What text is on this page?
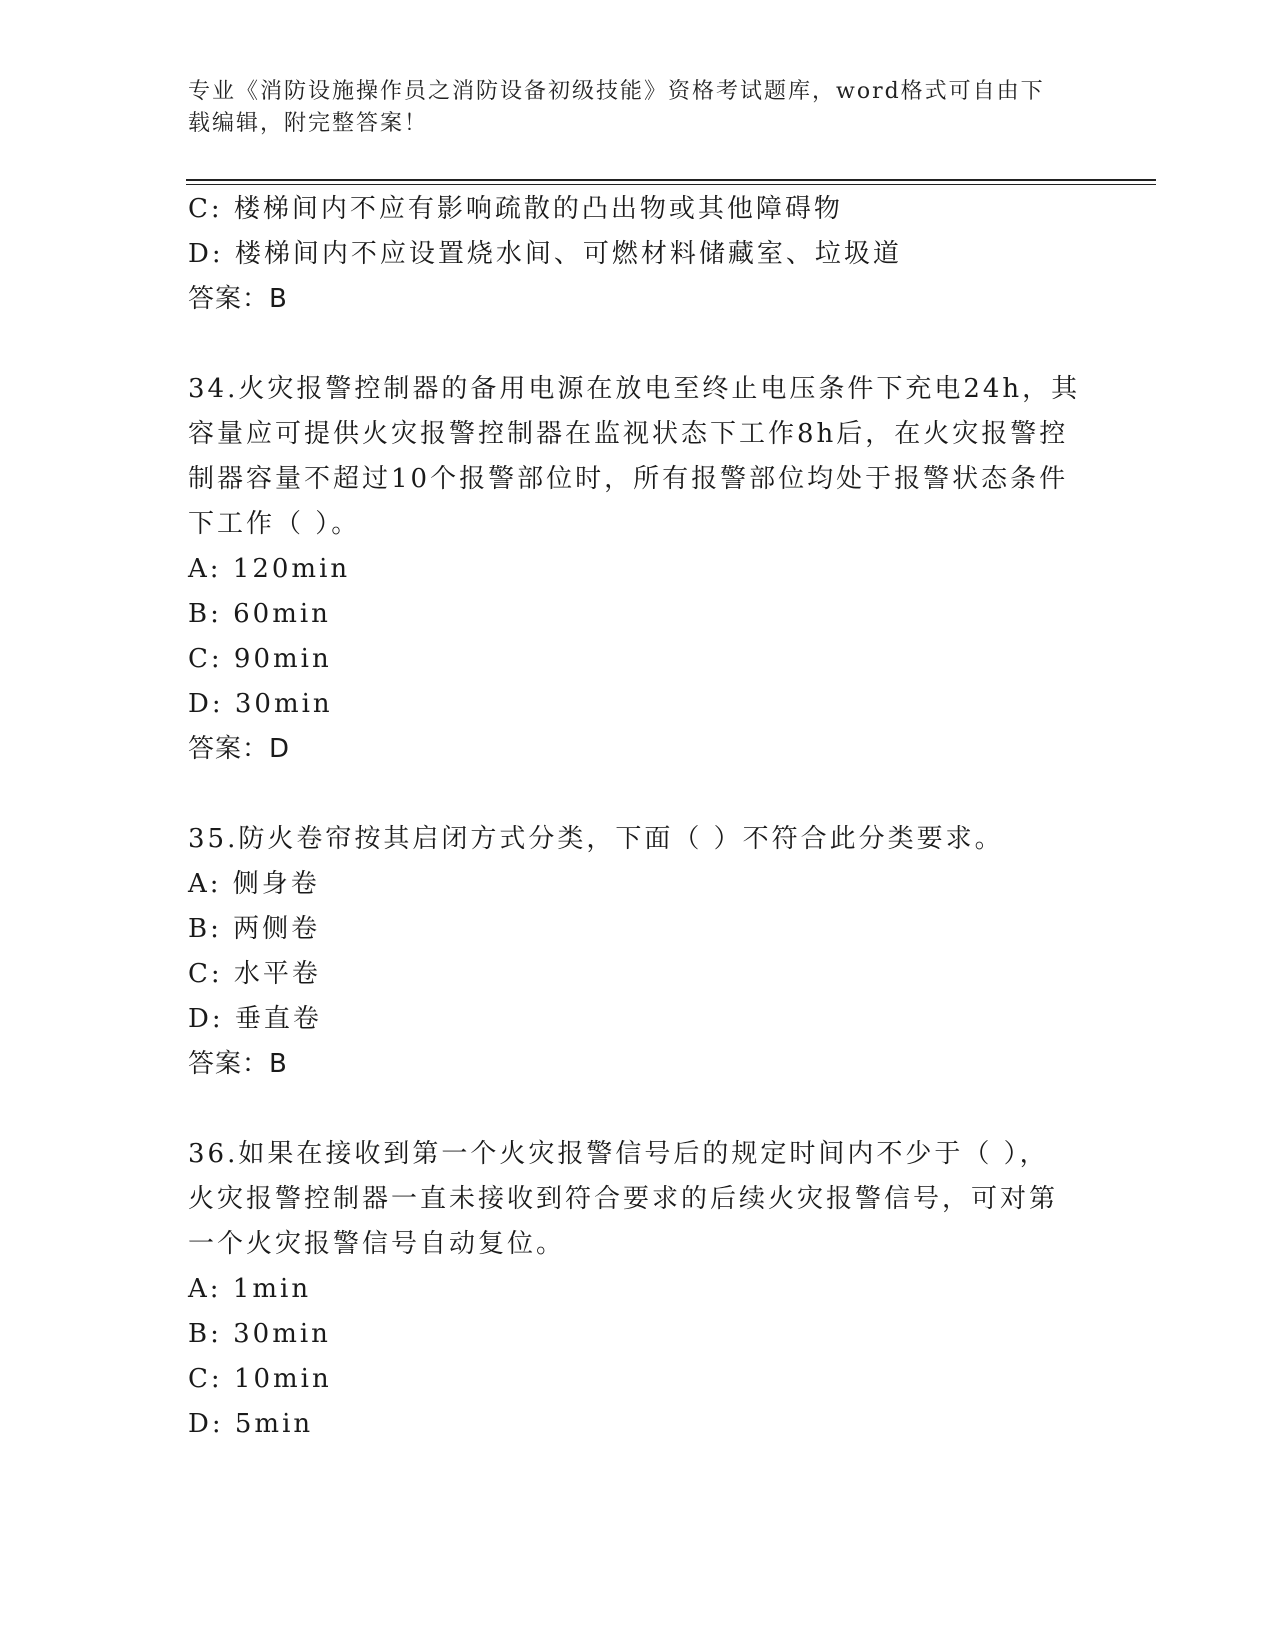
专业《消防设施操作员之消防设备初级技能》资格考试题库，word格式可自由下
载编辑，附完整答案！
C: 楼梯间内不应有影响疏散的凸出物或其他障碍物
D: 楼梯间内不应设置烧水间、可燃材料储藏室、垃圾道
答案：B
34.火灾报警控制器的备用电源在放电至终止电压条件下充电24h，其
容量应可提供火灾报警控制器在监视状态下工作8h后，在火灾报警控
制器容量不超过10个报警部位时，所有报警部位均处于报警状态条件
下工作（ ）。
A: 120min
B: 60min
C: 90min
D: 30min
答案：D
35.防火卷帘按其启闭方式分类，下面（ ）不符合此分类要求。
A: 侧身卷
B: 两侧卷
C: 水平卷
D: 垂直卷
答案：B
36.如果在接收到第一个火灾报警信号后的规定时间内不少于（ ），
火灾报警控制器一直未接收到符合要求的后续火灾报警信号，可对第
一个火灾报警信号自动复位。
A: 1min
B: 30min
C: 10min
D: 5min
